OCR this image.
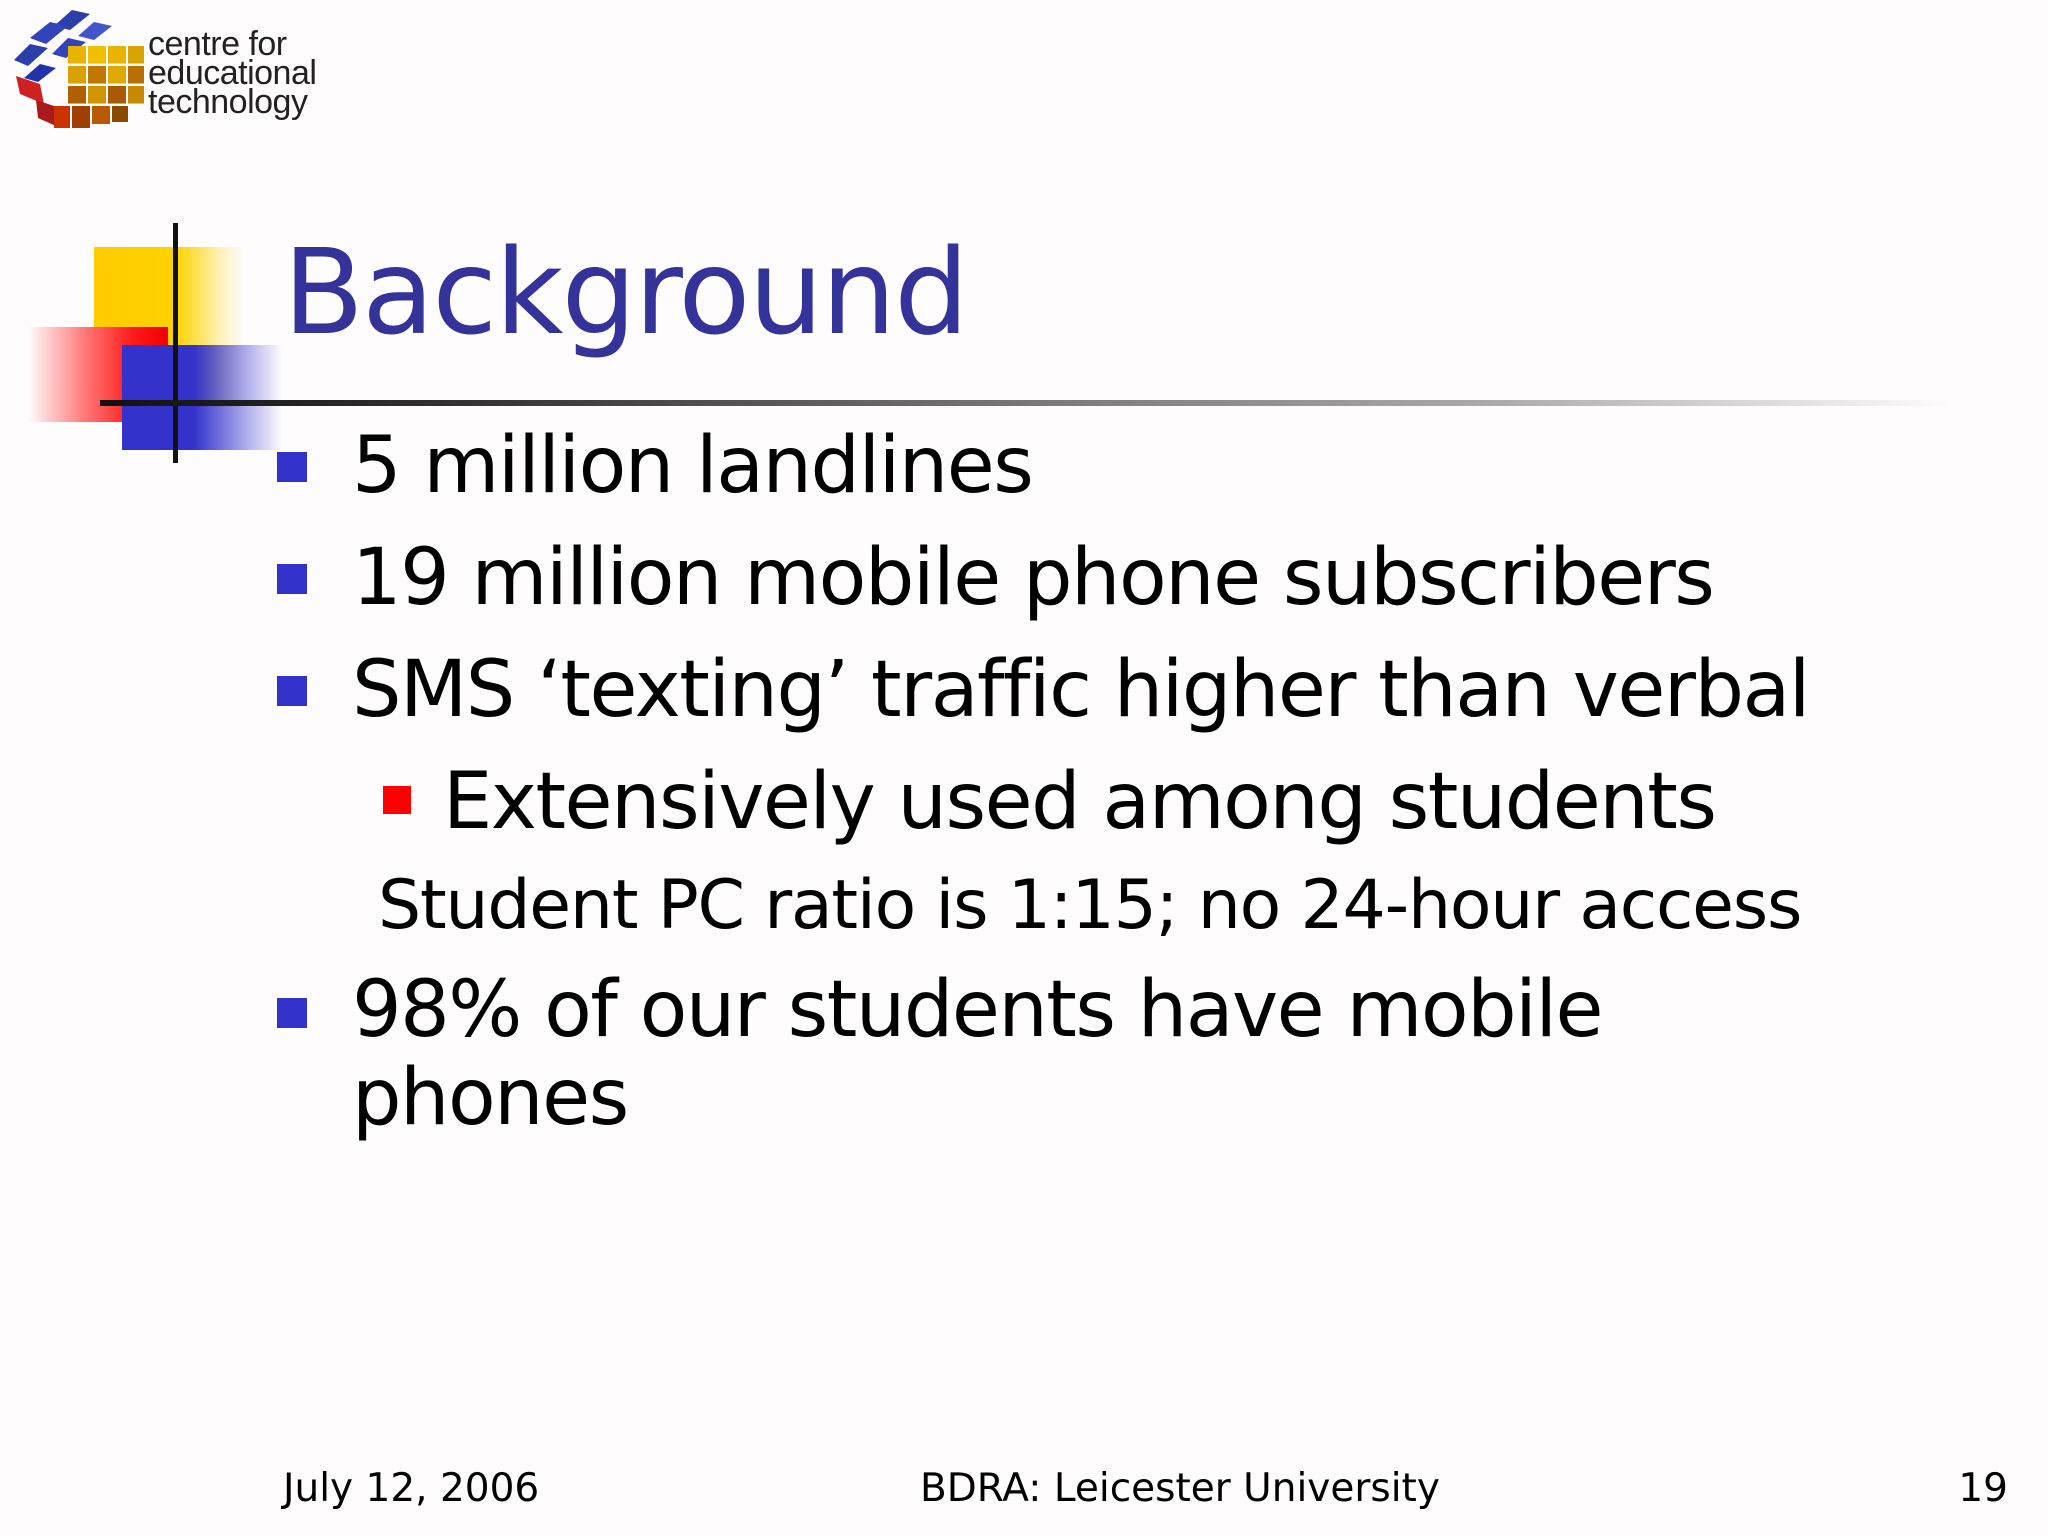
centre for
educational
technology
Background
5 million landlines
19 million mobile phone subscribers
SMS ‘texting’ traffic higher than verbal
Extensively used among students
Student PC ratio is 1:15; no 24-hour access
98% of our students have mobile phones
July 12, 2006	BDRA: Leicester University	19
